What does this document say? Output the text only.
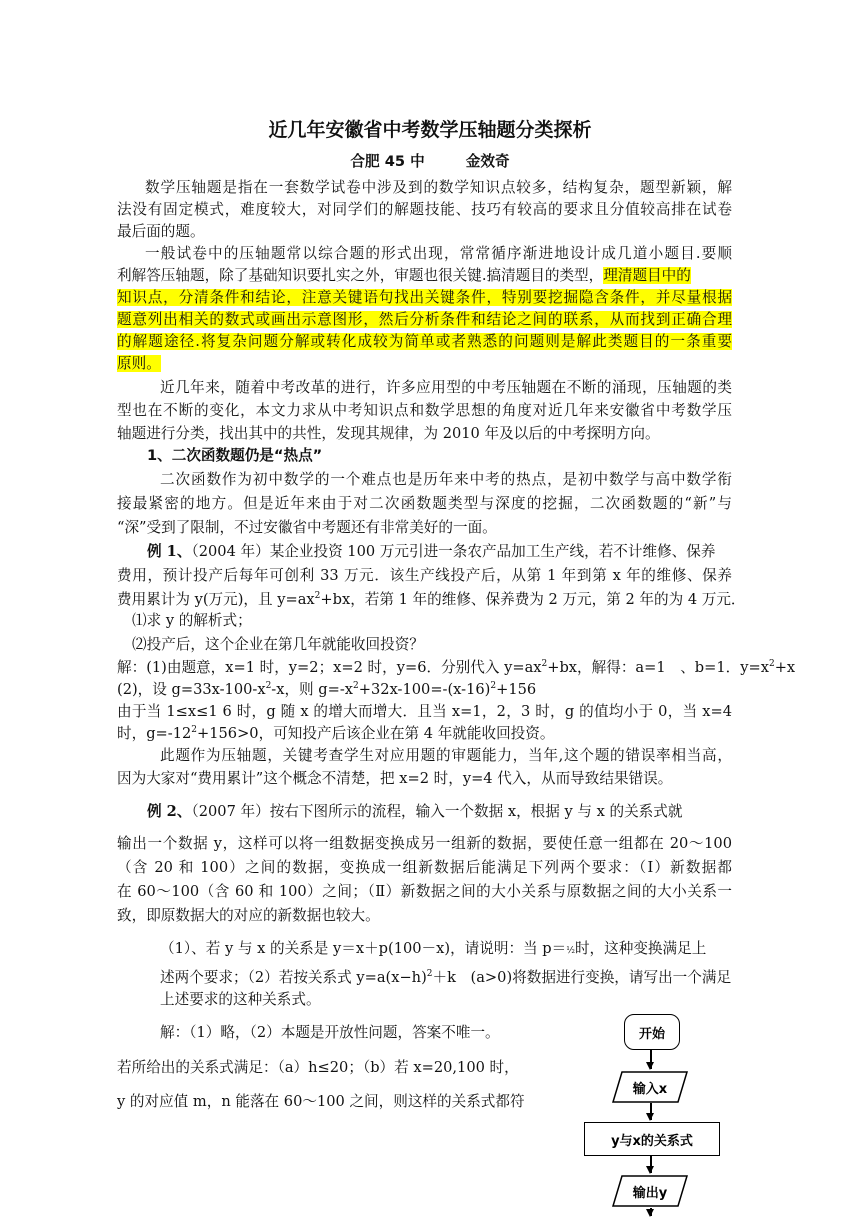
近几年安徽省中考数学压轴题分类探析
合肥 45 中	金效奇
数学压轴题是指在一套数学试卷中涉及到的数学知识点较多，结构复杂，题型新颖，解
法没有固定模式，难度较大，对同学们的解题技能、技巧有较高的要求且分值较高排在试卷
最后面的题。
一般试卷中的压轴题常以综合题的形式出现，常常循序渐进地设计成几道小题目.要顺
利解答压轴题，除了基础知识要扎实之外，审题也很关键.搞清题目的类型，理清题目中的
知识点，分清条件和结论，注意关键语句找出关键条件，特别要挖掘隐含条件，并尽量根据
题意列出相关的数式或画出示意图形，然后分析条件和结论之间的联系，从而找到正确合理
的解题途径.将复杂问题分解或转化成较为简单或者熟悉的问题则是解此类题目的一条重要
原则。
近几年来，随着中考改革的进行，许多应用型的中考压轴题在不断的涌现，压轴题的类
型也在不断的变化，本文力求从中考知识点和数学思想的角度对近几年来安徽省中考数学压
轴题进行分类，找出其中的共性，发现其规律，为 2010 年及以后的中考探明方向。
1、二次函数题仍是“热点”
二次函数作为初中数学的一个难点也是历年来中考的热点，是初中数学与高中数学衔
接最紧密的地方。但是近年来由于对二次函数题类型与深度的挖掘，二次函数题的“新”与
“深”受到了限制，不过安徽省中考题还有非常美好的一面。
例 1、（2004 年）某企业投资 100 万元引进一条农产品加工生产线，若不计维修、保养
费用，预计投产后每年可创利 33 万元．该生产线投产后，从第 1 年到第 x 年的维修、保养
费用累计为 y(万元)，且 $y=ax^2+bx$，若第 1 年的维修、保养费为 2 万元，第 2 年的为 4 万元．
⑴求 y 的解析式；
⑵投产后，这个企业在第几年就能收回投资？
解：(1)由题意，x=1 时，y=2；x=2 时，y=6．分别代入 $y=ax^2+bx$，解得：a=1　、b=1．$y=x^2+x$
(2)，设 $g=33x-100-x^2-x$，则 $g=-x^2+32x-100=-(x-16)^2+156$
由于当 1≤x≤1 6 时，g 随 x 的增大而增大．且当 x=1，2，3 时，g 的值均小于 0，当 x=4
时，$g=-12^2+156>0$，可知投产后该企业在第 4 年就能收回投资。
此题作为压轴题，关键考查学生对应用题的审题能力，当年,这个题的错误率相当高，
因为大家对“费用累计”这个概念不清楚，把 x=2 时，y=4 代入，从而导致结果错误。
例 2、（2007 年）按右下图所示的流程，输入一个数据 x，根据 y 与 x 的关系式就
输出一个数据 y，这样可以将一组数据变换成另一组新的数据，要使任意一组都在 20～100
（含 20 和 100）之间的数据，变换成一组新数据后能满足下列两个要求：（Ⅰ）新数据都
在 60～100（含 60 和 100）之间；（Ⅱ）新数据之间的大小关系与原数据之间的大小关系一
致，即原数据大的对应的新数据也较大。
（1）、若 y 与 x 的关系是 y＝x＋p(100－x)，请说明：当 p＝½时，这种变换满足上
述两个要求；（2）若按关系式 $y=a(x-h)^2+k$　(a>0)将数据进行变换，请写出一个满足
上述要求的这种关系式。
解：（1）略，（2）本题是开放性问题，答案不唯一。
若所给出的关系式满足：（a）h≤20；（b）若 x=20,100 时，
y 的对应值 m，n 能落在 60～100 之间，则这样的关系式都符
开始
输入x
y与x的关系式
输出y
